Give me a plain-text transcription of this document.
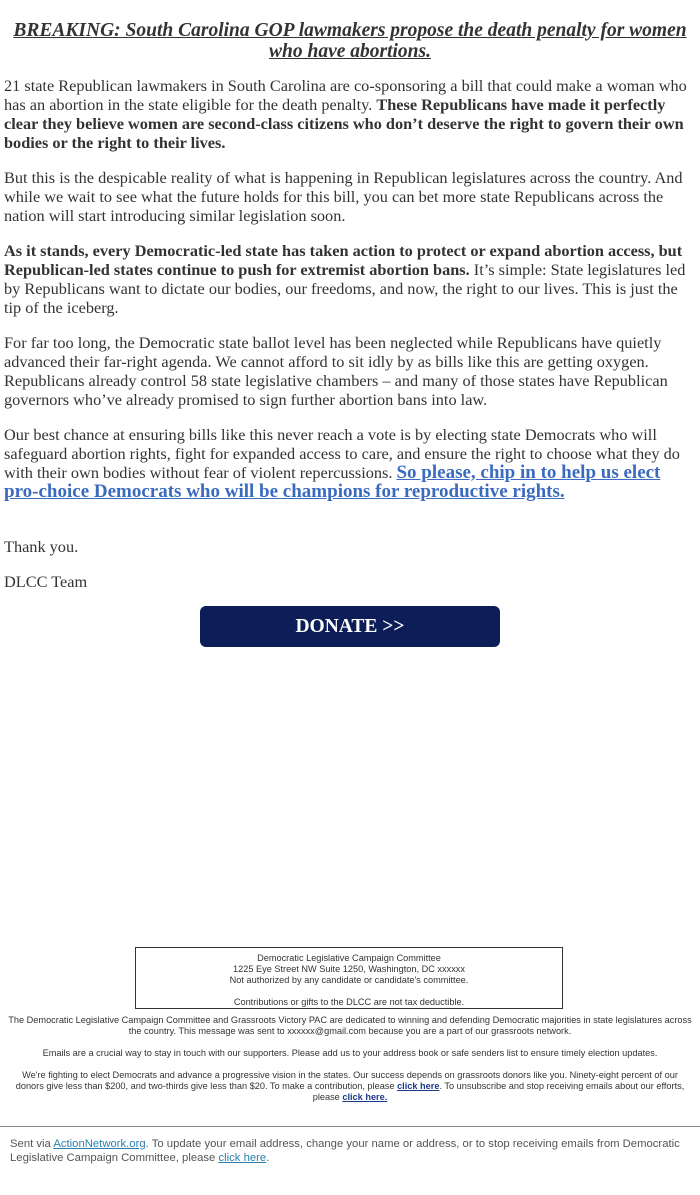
BREAKING: South Carolina GOP lawmakers propose the death penalty for women who have abortions.

21 state Republican lawmakers in South Carolina are co-sponsoring a bill that could make a woman who has an abortion in the state eligible for the death penalty. These Republicans have made it perfectly clear they believe women are second-class citizens who don’t deserve the right to govern their own bodies or the right to their lives.

But this is the despicable reality of what is happening in Republican legislatures across the country. And while we wait to see what the future holds for this bill, you can bet more state Republicans across the nation will start introducing similar legislation soon.

As it stands, every Democratic-led state has taken action to protect or expand abortion access, but Republican-led states continue to push for extremist abortion bans. It’s simple: State legislatures led by Republicans want to dictate our bodies, our freedoms, and now, the right to our lives. This is just the tip of the iceberg.

For far too long, the Democratic state ballot level has been neglected while Republicans have quietly advanced their far-right agenda. We cannot afford to sit idly by as bills like this are getting oxygen. Republicans already control 58 state legislative chambers – and many of those states have Republican governors who’ve already promised to sign further abortion bans into law.

Our best chance at ensuring bills like this never reach a vote is by electing state Democrats who will safeguard abortion rights, fight for expanded access to care, and ensure the right to choose what they do with their own bodies without fear of violent repercussions. So please, chip in to help us elect pro-choice Democrats who will be champions for reproductive rights.

Thank you.

DLCC Team

DONATE >>
Democratic Legislative Campaign Committee
1225 Eye Street NW Suite 1250, Washington, DC xxxxxx
Not authorized by any candidate or candidate's committee.
Contributions or gifts to the DLCC are not tax deductible.
The Democratic Legislative Campaign Committee and Grassroots Victory PAC are dedicated to winning and defending Democratic majorities in state legislatures across the country. This message was sent to xxxxxx@gmail.com because you are a part of our grassroots network.
Emails are a crucial way to stay in touch with our supporters. Please add us to your address book or safe senders list to ensure timely election updates.
We're fighting to elect Democrats and advance a progressive vision in the states. Our success depends on grassroots donors like you. Ninety-eight percent of our donors give less than $200, and two-thirds give less than $20. To make a contribution, please click here. To unsubscribe and stop receiving emails about our efforts, please click here.
Sent via ActionNetwork.org. To update your email address, change your name or address, or to stop receiving emails from Democratic Legislative Campaign Committee, please click here.
